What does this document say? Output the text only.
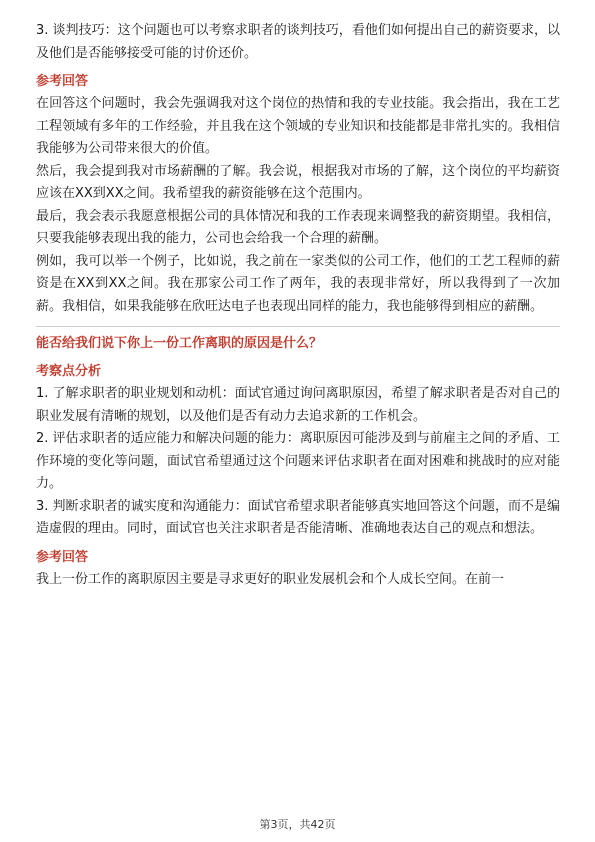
3. 谈判技巧：这个问题也可以考察求职者的谈判技巧，看他们如何提出自己的薪资要求，以及他们是否能够接受可能的讨价还价。

参考回答

在回答这个问题时，我会先强调我对这个岗位的热情和我的专业技能。我会指出，我在工艺工程领域有多年的工作经验，并且我在这个领域的专业知识和技能都是非常扎实的。我相信我能够为公司带来很大的价值。

然后，我会提到我对市场薪酬的了解。我会说，根据我对市场的了解，这个岗位的平均薪资应该在XX到XX之间。我希望我的薪资能够在这个范围内。

最后，我会表示我愿意根据公司的具体情况和我的工作表现来调整我的薪资期望。我相信，只要我能够表现出我的能力，公司也会给我一个合理的薪酬。

例如，我可以举一个例子，比如说，我之前在一家类似的公司工作，他们的工艺工程师的薪资是在XX到XX之间。我在那家公司工作了两年，我的表现非常好，所以我得到了一次加薪。我相信，如果我能够在欣旺达电子也表现出同样的能力，我也能够得到相应的薪酬。

能否给我们说下你上一份工作离职的原因是什么？

考察点分析

1. 了解求职者的职业规划和动机：面试官通过询问离职原因，希望了解求职者是否对自己的职业发展有清晰的规划，以及他们是否有动力去追求新的工作机会。

2. 评估求职者的适应能力和解决问题的能力：离职原因可能涉及到与前雇主之间的矛盾、工作环境的变化等问题，面试官希望通过这个问题来评估求职者在面对困难和挑战时的应对能力。

3. 判断求职者的诚实度和沟通能力：面试官希望求职者能够真实地回答这个问题，而不是编造虚假的理由。同时，面试官也关注求职者是否能清晰、准确地表达自己的观点和想法。

参考回答

我上一份工作的离职原因主要是寻求更好的职业发展机会和个人成长空间。在前一

第3页，共42页
